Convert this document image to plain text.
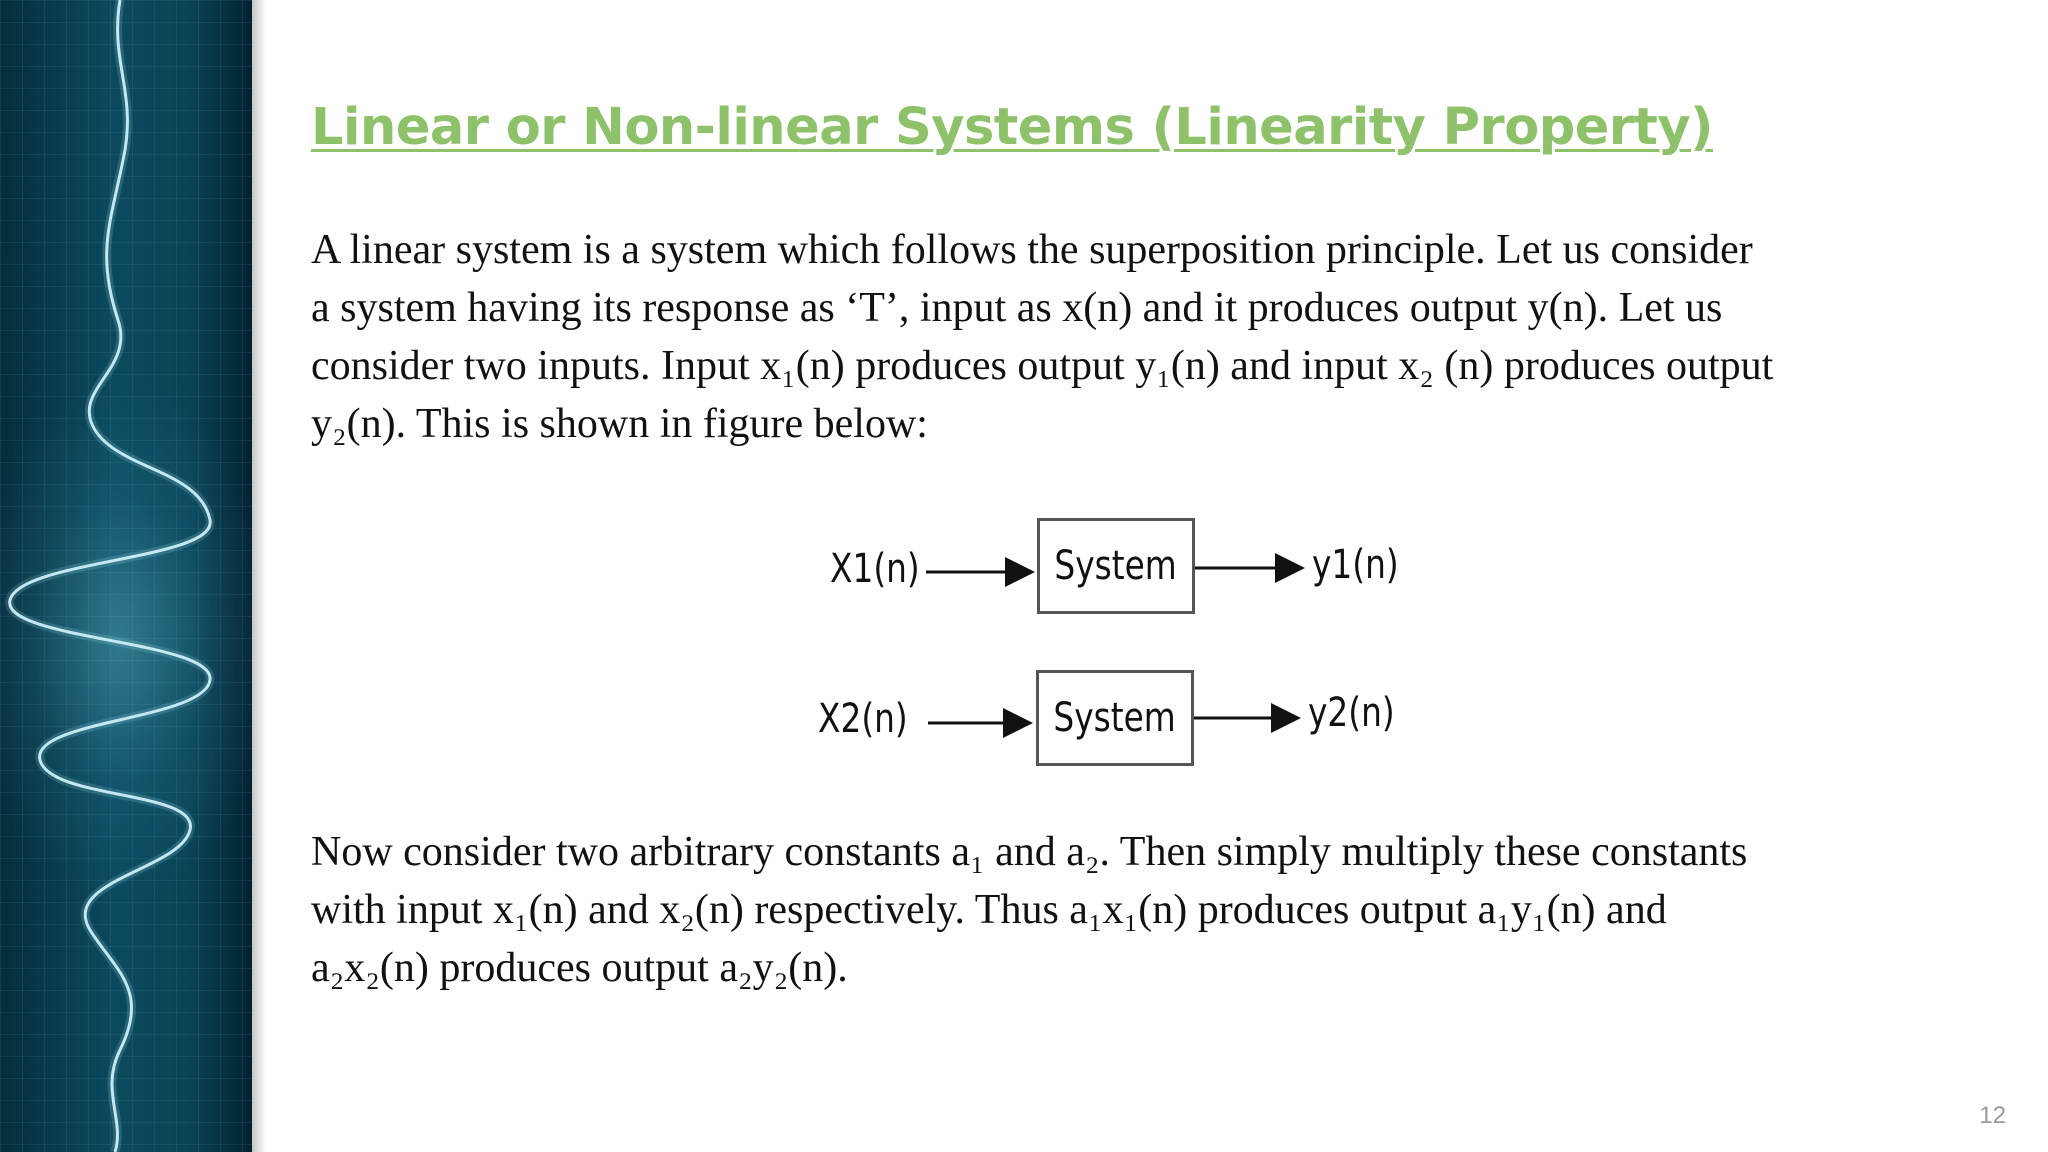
Linear or Non-linear Systems (Linearity Property)

A linear system is a system which follows the superposition principle. Let us consider
a system having its response as ‘T’, input as x(n) and it produces output y(n). Let us
consider two inputs. Input x₁(n) produces output y₁(n) and input x₂ (n) produces output
y₂(n). This is shown in figure below:

X1(n)	System	y1(n)
X2(n)	System	y2(n)

Now consider two arbitrary constants a₁ and a₂. Then simply multiply these constants
with input x₁(n) and x₂(n) respectively. Thus a₁x₁(n) produces output a₁y₁(n) and
a₂x₂(n) produces output a₂y₂(n).

12
